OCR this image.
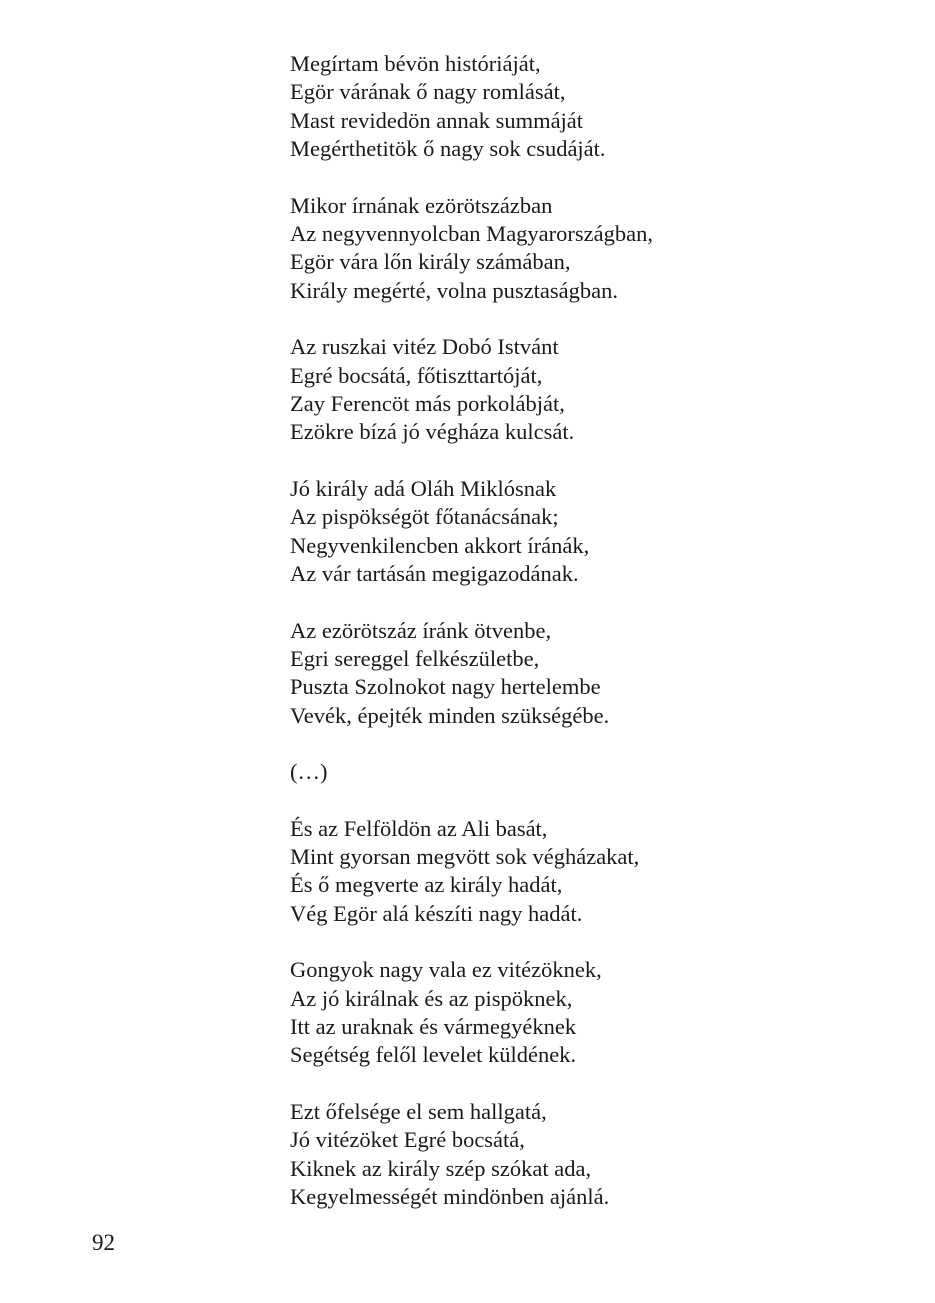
Megírtam bévön históriáját,
Egör várának ő nagy romlását,
Mast revidedön annak summáját
Megérthetitök ő nagy sok csudáját.
Mikor írnának ezörötszázban
Az negyvennyolcban Magyarországban,
Egör vára lőn király számában,
Király megérté, volna pusztaságban.
Az ruszkai vitéz Dobó Istvánt
Egré bocsátá, főtiszttartóját,
Zay Ferencöt más porkolábját,
Ezökre bízá jó végháza kulcsát.
Jó király adá Oláh Miklósnak
Az pispökségöt főtanácsának;
Negyvenkilencben akkort íránák,
Az vár tartásán megigazodának.
Az ezörötszáz íránk ötvenbe,
Egri sereggel felkészületbe,
Puszta Szolnokot nagy hertelembe
Vevék, épejték minden szükségébe.
(…)
És az Felföldön az Ali basát,
Mint gyorsan megvött sok végházakat,
És ő megverte az király hadát,
Vég Egör alá készíti nagy hadát.
Gongyok nagy vala ez vitézöknek,
Az jó királnak és az pispöknek,
Itt az uraknak és vármegyéknek
Segétség felől levelet küldének.
Ezt őfelsége el sem hallgatá,
Jó vitézöket Egré bocsátá,
Kiknek az király szép szókat ada,
Kegyelmességét mindönben ajánlá.
92
